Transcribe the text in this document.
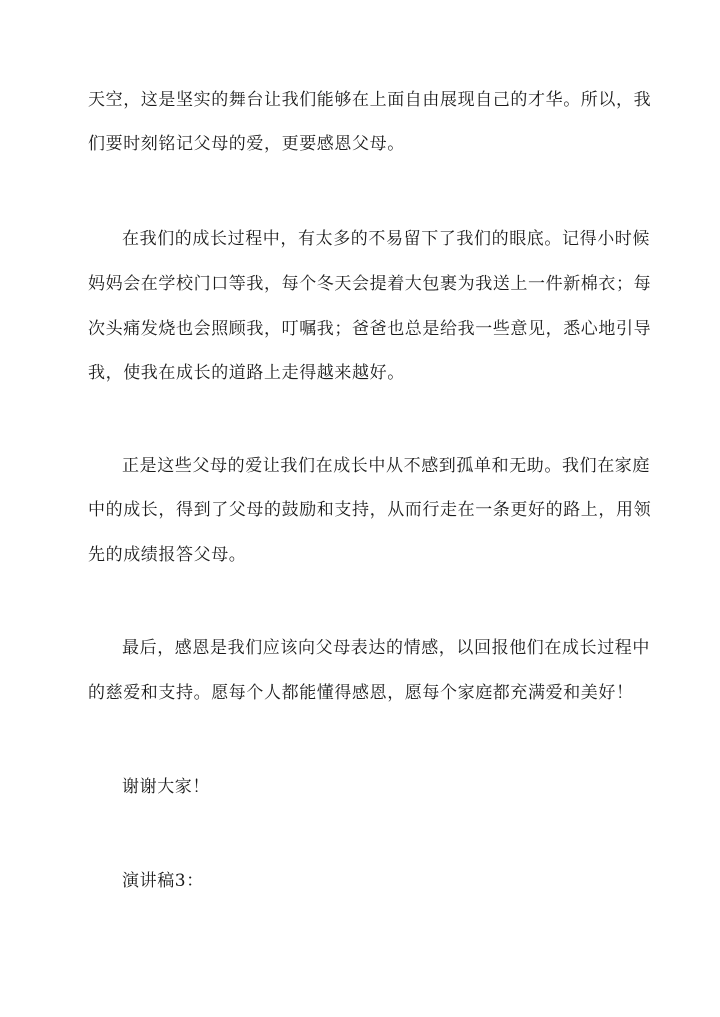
天空，这是坚实的舞台让我们能够在上面自由展现自己的才华。所以，我
们要时刻铭记父母的爱，更要感恩父母。
在我们的成长过程中，有太多的不易留下了我们的眼底。记得小时候
妈妈会在学校门口等我，每个冬天会提着大包裹为我送上一件新棉衣；每
次头痛发烧也会照顾我，叮嘱我；爸爸也总是给我一些意见，悉心地引导
我，使我在成长的道路上走得越来越好。
正是这些父母的爱让我们在成长中从不感到孤单和无助。我们在家庭
中的成长，得到了父母的鼓励和支持，从而行走在一条更好的路上，用领
先的成绩报答父母。
最后，感恩是我们应该向父母表达的情感，以回报他们在成长过程中
的慈爱和支持。愿每个人都能懂得感恩，愿每个家庭都充满爱和美好！
谢谢大家！
演讲稿3：
